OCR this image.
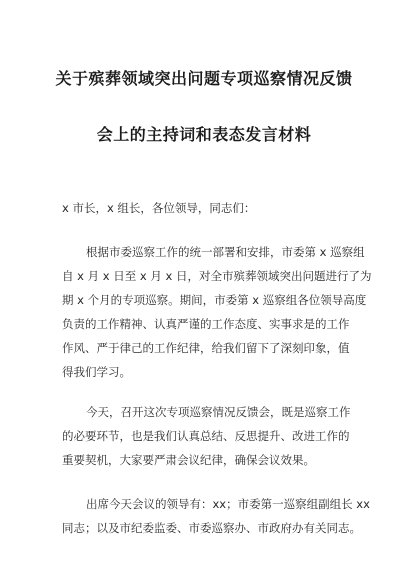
关于殡葬领域突出问题专项巡察情况反馈
会上的主持词和表态发言材料
x 市长，x 组长，各位领导，同志们：
根据市委巡察工作的统一部署和安排，市委第 x 巡察组
自 x 月 x 日至 x 月 x 日，对全市殡葬领域突出问题进行了为
期 x 个月的专项巡察。期间，市委第 x 巡察组各位领导高度
负责的工作精神、认真严谨的工作态度、实事求是的工作
作风、严于律己的工作纪律，给我们留下了深刻印象，值
得我们学习。
今天，召开这次专项巡察情况反馈会，既是巡察工作
的必要环节，也是我们认真总结、反思提升、改进工作的
重要契机，大家要严肃会议纪律，确保会议效果。
出席今天会议的领导有：xx；市委第一巡察组副组长 xx
同志；以及市纪委监委、市委巡察办、市政府办有关同志。
